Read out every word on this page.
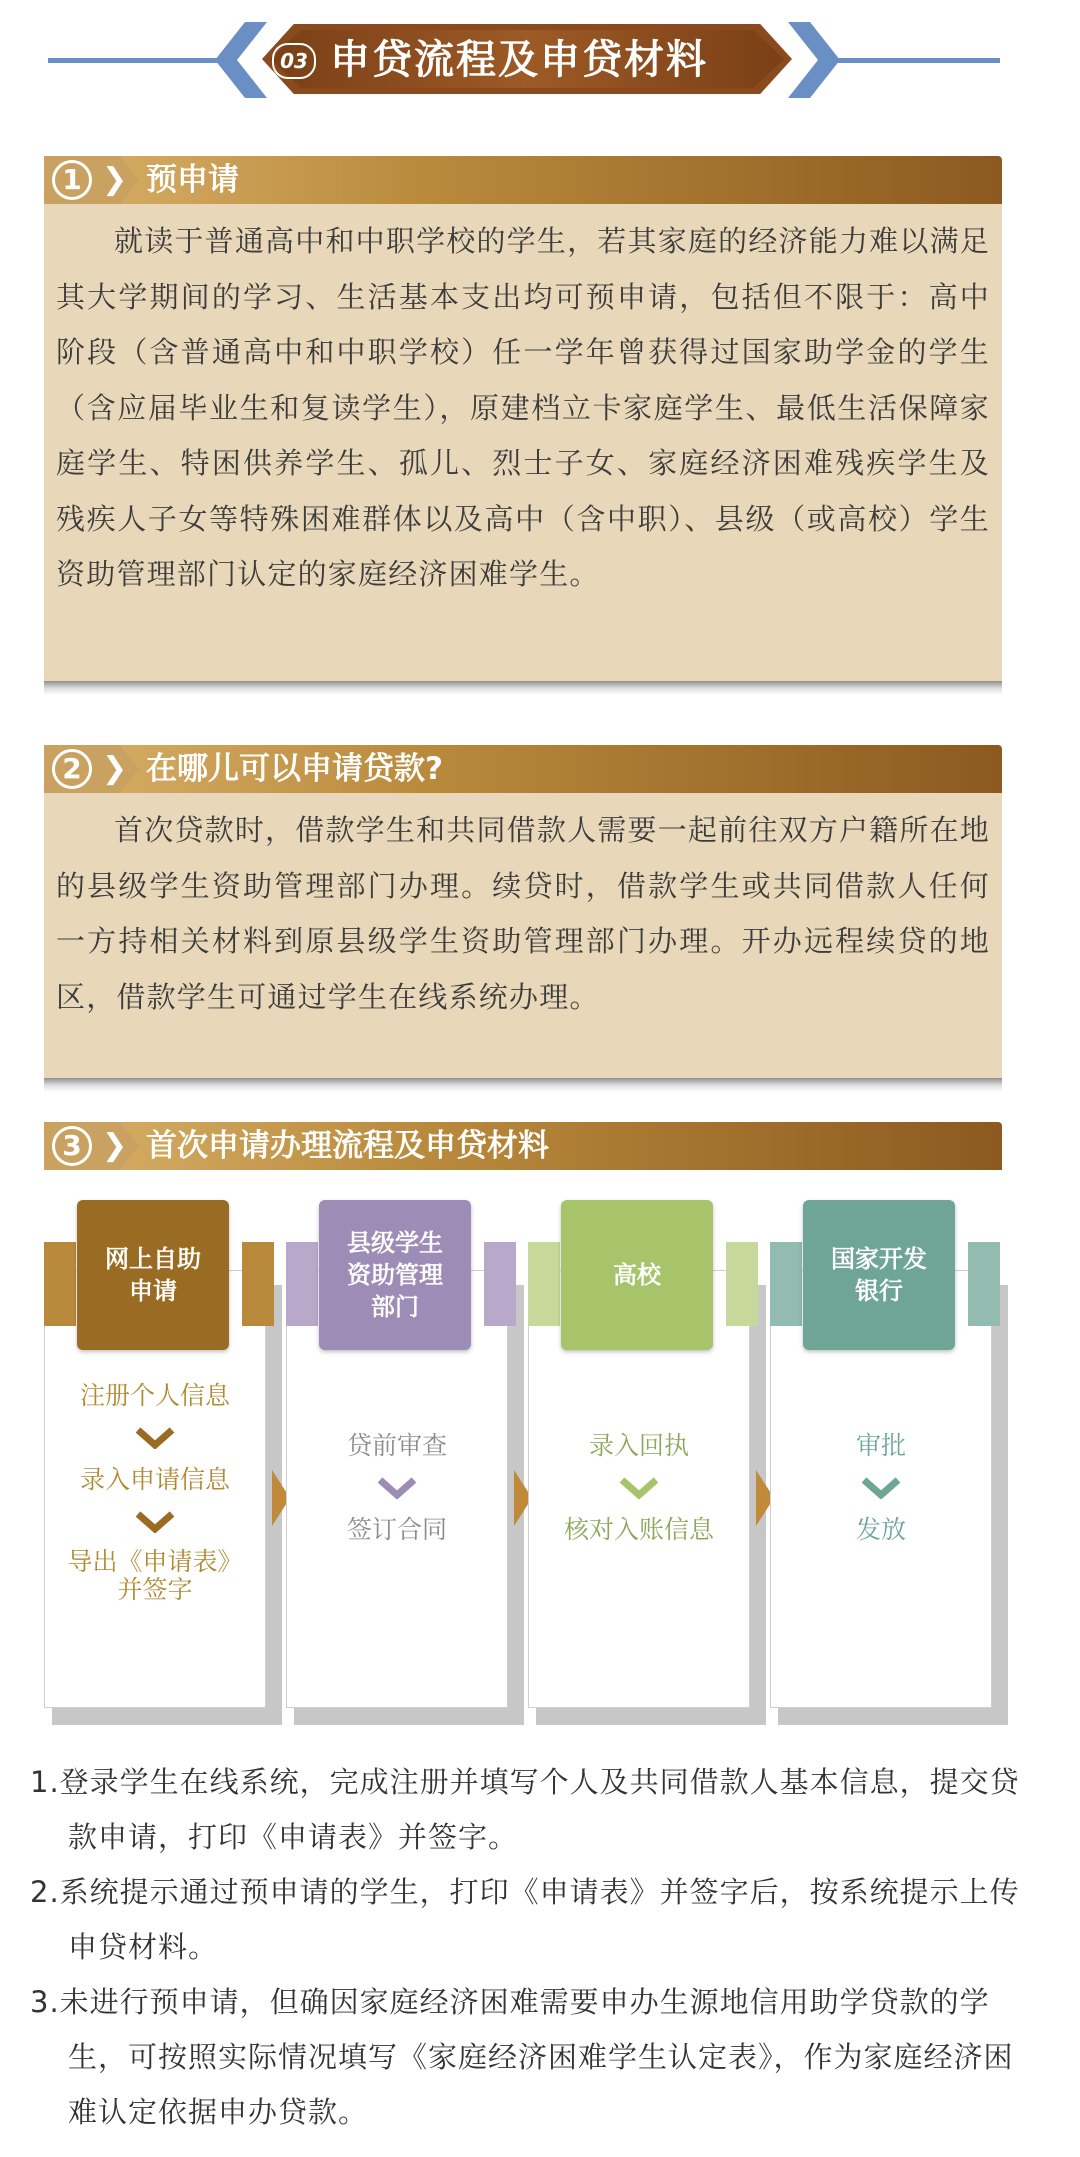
03 申贷流程及申贷材料
1 ❯ 预申请

就读于普通高中和中职学校的学生，若其家庭的经济能力难以满足其大学期间的学习、生活基本支出均可预申请，包括但不限于：高中阶段（含普通高中和中职学校）任一学年曾获得过国家助学金的学生（含应届毕业生和复读学生），原建档立卡家庭学生、最低生活保障家庭学生、特困供养学生、孤儿、烈士子女、家庭经济困难残疾学生及残疾人子女等特殊困难群体以及高中（含中职）、县级（或高校）学生资助管理部门认定的家庭经济困难学生。

2 ❯ 在哪儿可以申请贷款?

首次贷款时，借款学生和共同借款人需要一起前往双方户籍所在地的县级学生资助管理部门办理。续贷时，借款学生或共同借款人任何一方持相关材料到原县级学生资助管理部门办理。开办远程续贷的地区，借款学生可通过学生在线系统办理。

3 ❯ 首次申请办理流程及申贷材料
网上自助
申请
注册个人信息
录入申请信息
导出《申请表》
并签字
县级学生
资助管理
部门
贷前审查
签订合同
高校
录入回执
核对入账信息
国家开发
银行
审批
发放
1.登录学生在线系统，完成注册并填写个人及共同借款人基本信息，提交贷款申请，打印《申请表》并签字。
2.系统提示通过预申请的学生，打印《申请表》并签字后，按系统提示上传申贷材料。
3.未进行预申请，但确因家庭经济困难需要申办生源地信用助学贷款的学生，可按照实际情况填写《家庭经济困难学生认定表》，作为家庭经济困难认定依据申办贷款。
